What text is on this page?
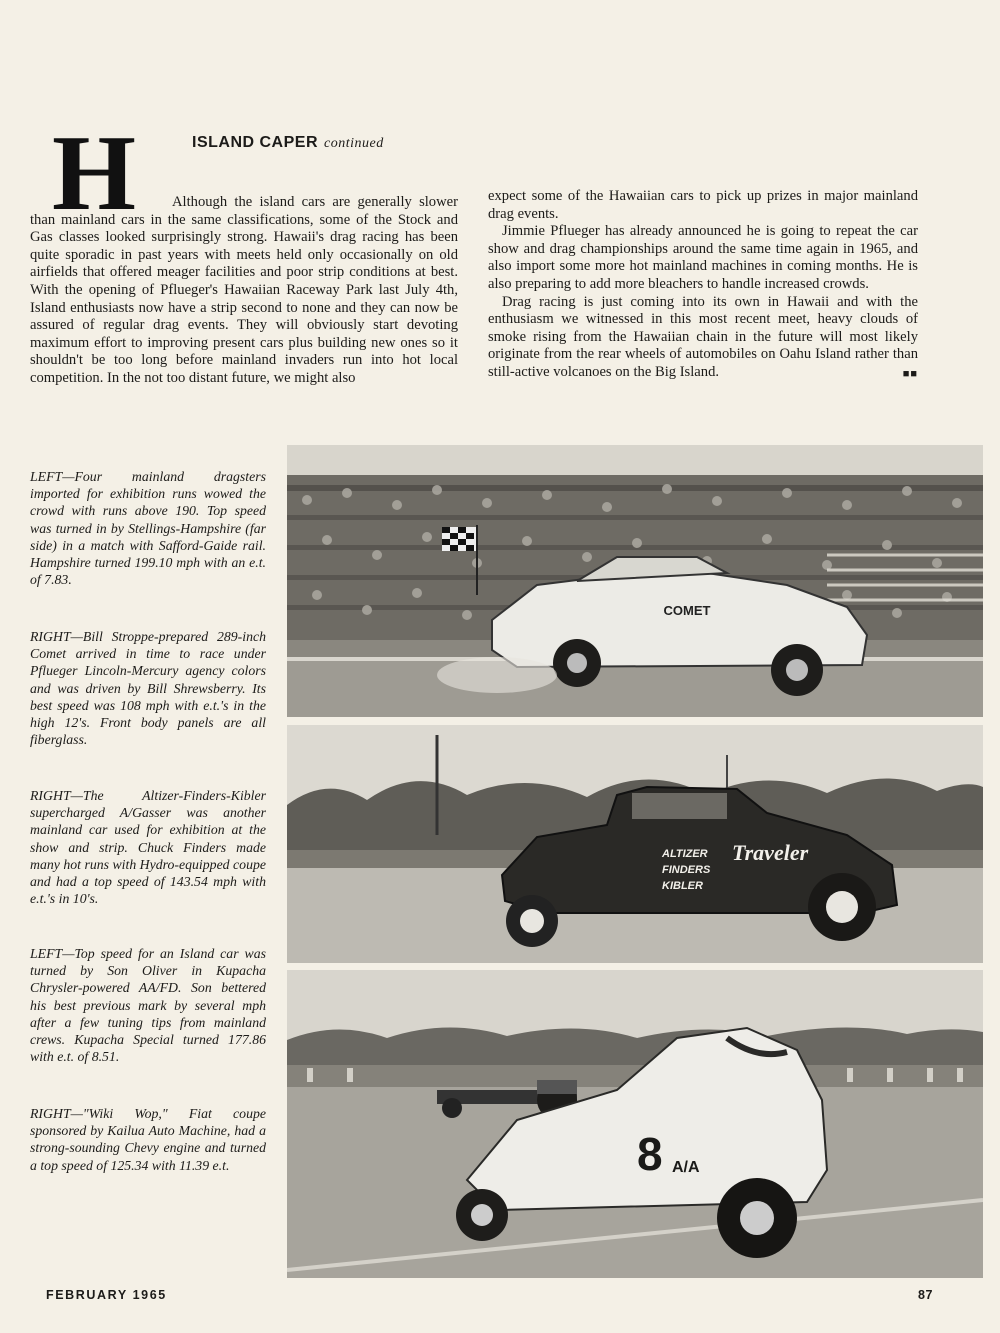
H	ISLAND CAPER continued

Although the island cars are generally slower than mainland cars in the same classifications, some of the Stock and Gas classes looked surprisingly strong. Hawaii's drag racing has been quite sporadic in past years with meets held only occasionally on old airfields that offered meager facilities and poor strip conditions at best. With the opening of Pflueger's Hawaiian Raceway Park last July 4th, Island enthusiasts now have a strip second to none and they can now be assured of regular drag events. They will obviously start devoting maximum effort to improving present cars plus building new ones so it shouldn't be too long before mainland invaders run into hot local competition. In the not too distant future, we might also

expect some of the Hawaiian cars to pick up prizes in major mainland drag events.

Jimmie Pflueger has already announced he is going to repeat the car show and drag championships around the same time again in 1965, and also import some more hot mainland machines in coming months. He is also preparing to add more bleachers to handle increased crowds.

Drag racing is just coming into its own in Hawaii and with the enthusiasm we witnessed in this most recent meet, heavy clouds of smoke rising from the Hawaiian chain in the future will most likely originate from the rear wheels of automobiles on Oahu Island rather than still-active volcanoes on the Big Island.	■■

LEFT—Four mainland dragsters imported for exhibition runs wowed the crowd with runs above 190. Top speed was turned in by Stellings-Hampshire (far side) in a match with Safford-Gaide rail. Hampshire turned 199.10 mph with an e.t. of 7.83.
RIGHT—Bill Stroppe-prepared 289-inch Comet arrived in time to race under Pflueger Lincoln-Mercury agency colors and was driven by Bill Shrewsberry. Its best speed was 108 mph with e.t.'s in the high 12's. Front body panels are all fiberglass.
RIGHT—The Altizer-Finders-Kibler supercharged A/Gasser was another mainland car used for exhibition at the show and strip. Chuck Finders made many hot runs with Hydro-equipped coupe and had a top speed of 143.54 mph with e.t.'s in 10's.
LEFT—Top speed for an Island car was turned by Son Oliver in Kupacha Chrysler-powered AA/FD. Son bettered his best previous mark by several mph after a few tuning tips from mainland crews. Kupacha Special turned 177.86 with e.t. of 8.51.
RIGHT—"Wiki Wop," Fiat coupe sponsored by Kailua Auto Machine, had a strong-sounding Chevy engine and turned a top speed of 125.34 with 11.39 e.t.
COMET
ALTIZER
FINDERS
KIBLER
Traveler
8 A/A
FEBRUARY 1965	87
